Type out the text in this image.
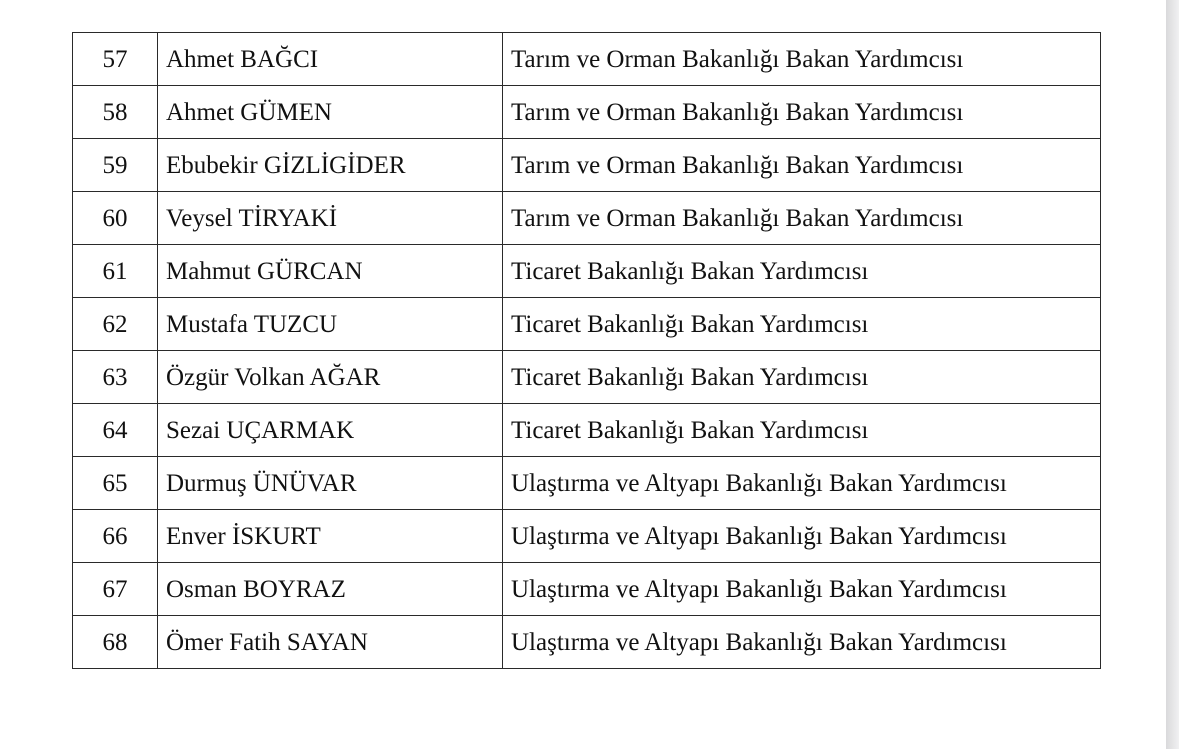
57	Ahmet BAĞCI	Tarım ve Orman Bakanlığı Bakan Yardımcısı
58	Ahmet GÜMEN	Tarım ve Orman Bakanlığı Bakan Yardımcısı
59	Ebubekir GİZLİGİDER	Tarım ve Orman Bakanlığı Bakan Yardımcısı
60	Veysel TİRYAKİ	Tarım ve Orman Bakanlığı Bakan Yardımcısı
61	Mahmut GÜRCAN	Ticaret Bakanlığı Bakan Yardımcısı
62	Mustafa TUZCU	Ticaret Bakanlığı Bakan Yardımcısı
63	Özgür Volkan AĞAR	Ticaret Bakanlığı Bakan Yardımcısı
64	Sezai UÇARMAK	Ticaret Bakanlığı Bakan Yardımcısı
65	Durmuş ÜNÜVAR	Ulaştırma ve Altyapı Bakanlığı Bakan Yardımcısı
66	Enver İSKURT	Ulaştırma ve Altyapı Bakanlığı Bakan Yardımcısı
67	Osman BOYRAZ	Ulaştırma ve Altyapı Bakanlığı Bakan Yardımcısı
68	Ömer Fatih SAYAN	Ulaştırma ve Altyapı Bakanlığı Bakan Yardımcısı
